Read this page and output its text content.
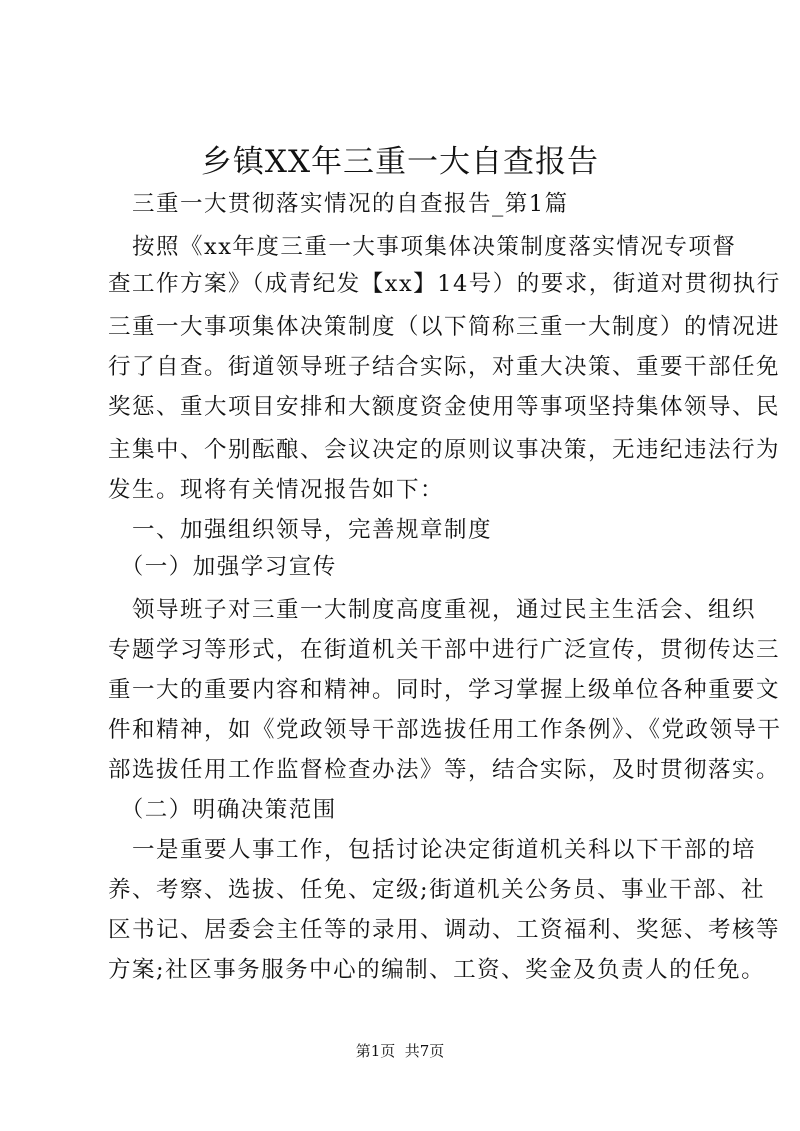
乡镇XX年三重一大自查报告

　三重一大贯彻落实情况的自查报告_第1篇

　按照《xx年度三重一大事项集体决策制度落实情况专项督

查工作方案》（成青纪发【xx】14号）的要求，街道对贯彻执行

三重一大事项集体决策制度（以下简称三重一大制度）的情况进

行了自查。街道领导班子结合实际，对重大决策、重要干部任免

奖惩、重大项目安排和大额度资金使用等事项坚持集体领导、民

主集中、个别酝酿、会议决定的原则议事决策，无违纪违法行为

发生。现将有关情况报告如下：

　一、加强组织领导，完善规章制度

　（一）加强学习宣传

　领导班子对三重一大制度高度重视，通过民主生活会、组织

专题学习等形式，在街道机关干部中进行广泛宣传，贯彻传达三

重一大的重要内容和精神。同时，学习掌握上级单位各种重要文

件和精神，如《党政领导干部选拔任用工作条例》、《党政领导干

部选拔任用工作监督检查办法》等，结合实际，及时贯彻落实。

　（二）明确决策范围

　一是重要人事工作，包括讨论决定街道机关科以下干部的培

养、考察、选拔、任免、定级;街道机关公务员、事业干部、社

区书记、居委会主任等的录用、调动、工资福利、奖惩、考核等

方案;社区事务服务中心的编制、工资、奖金及负责人的任免。

第1页  共7页
